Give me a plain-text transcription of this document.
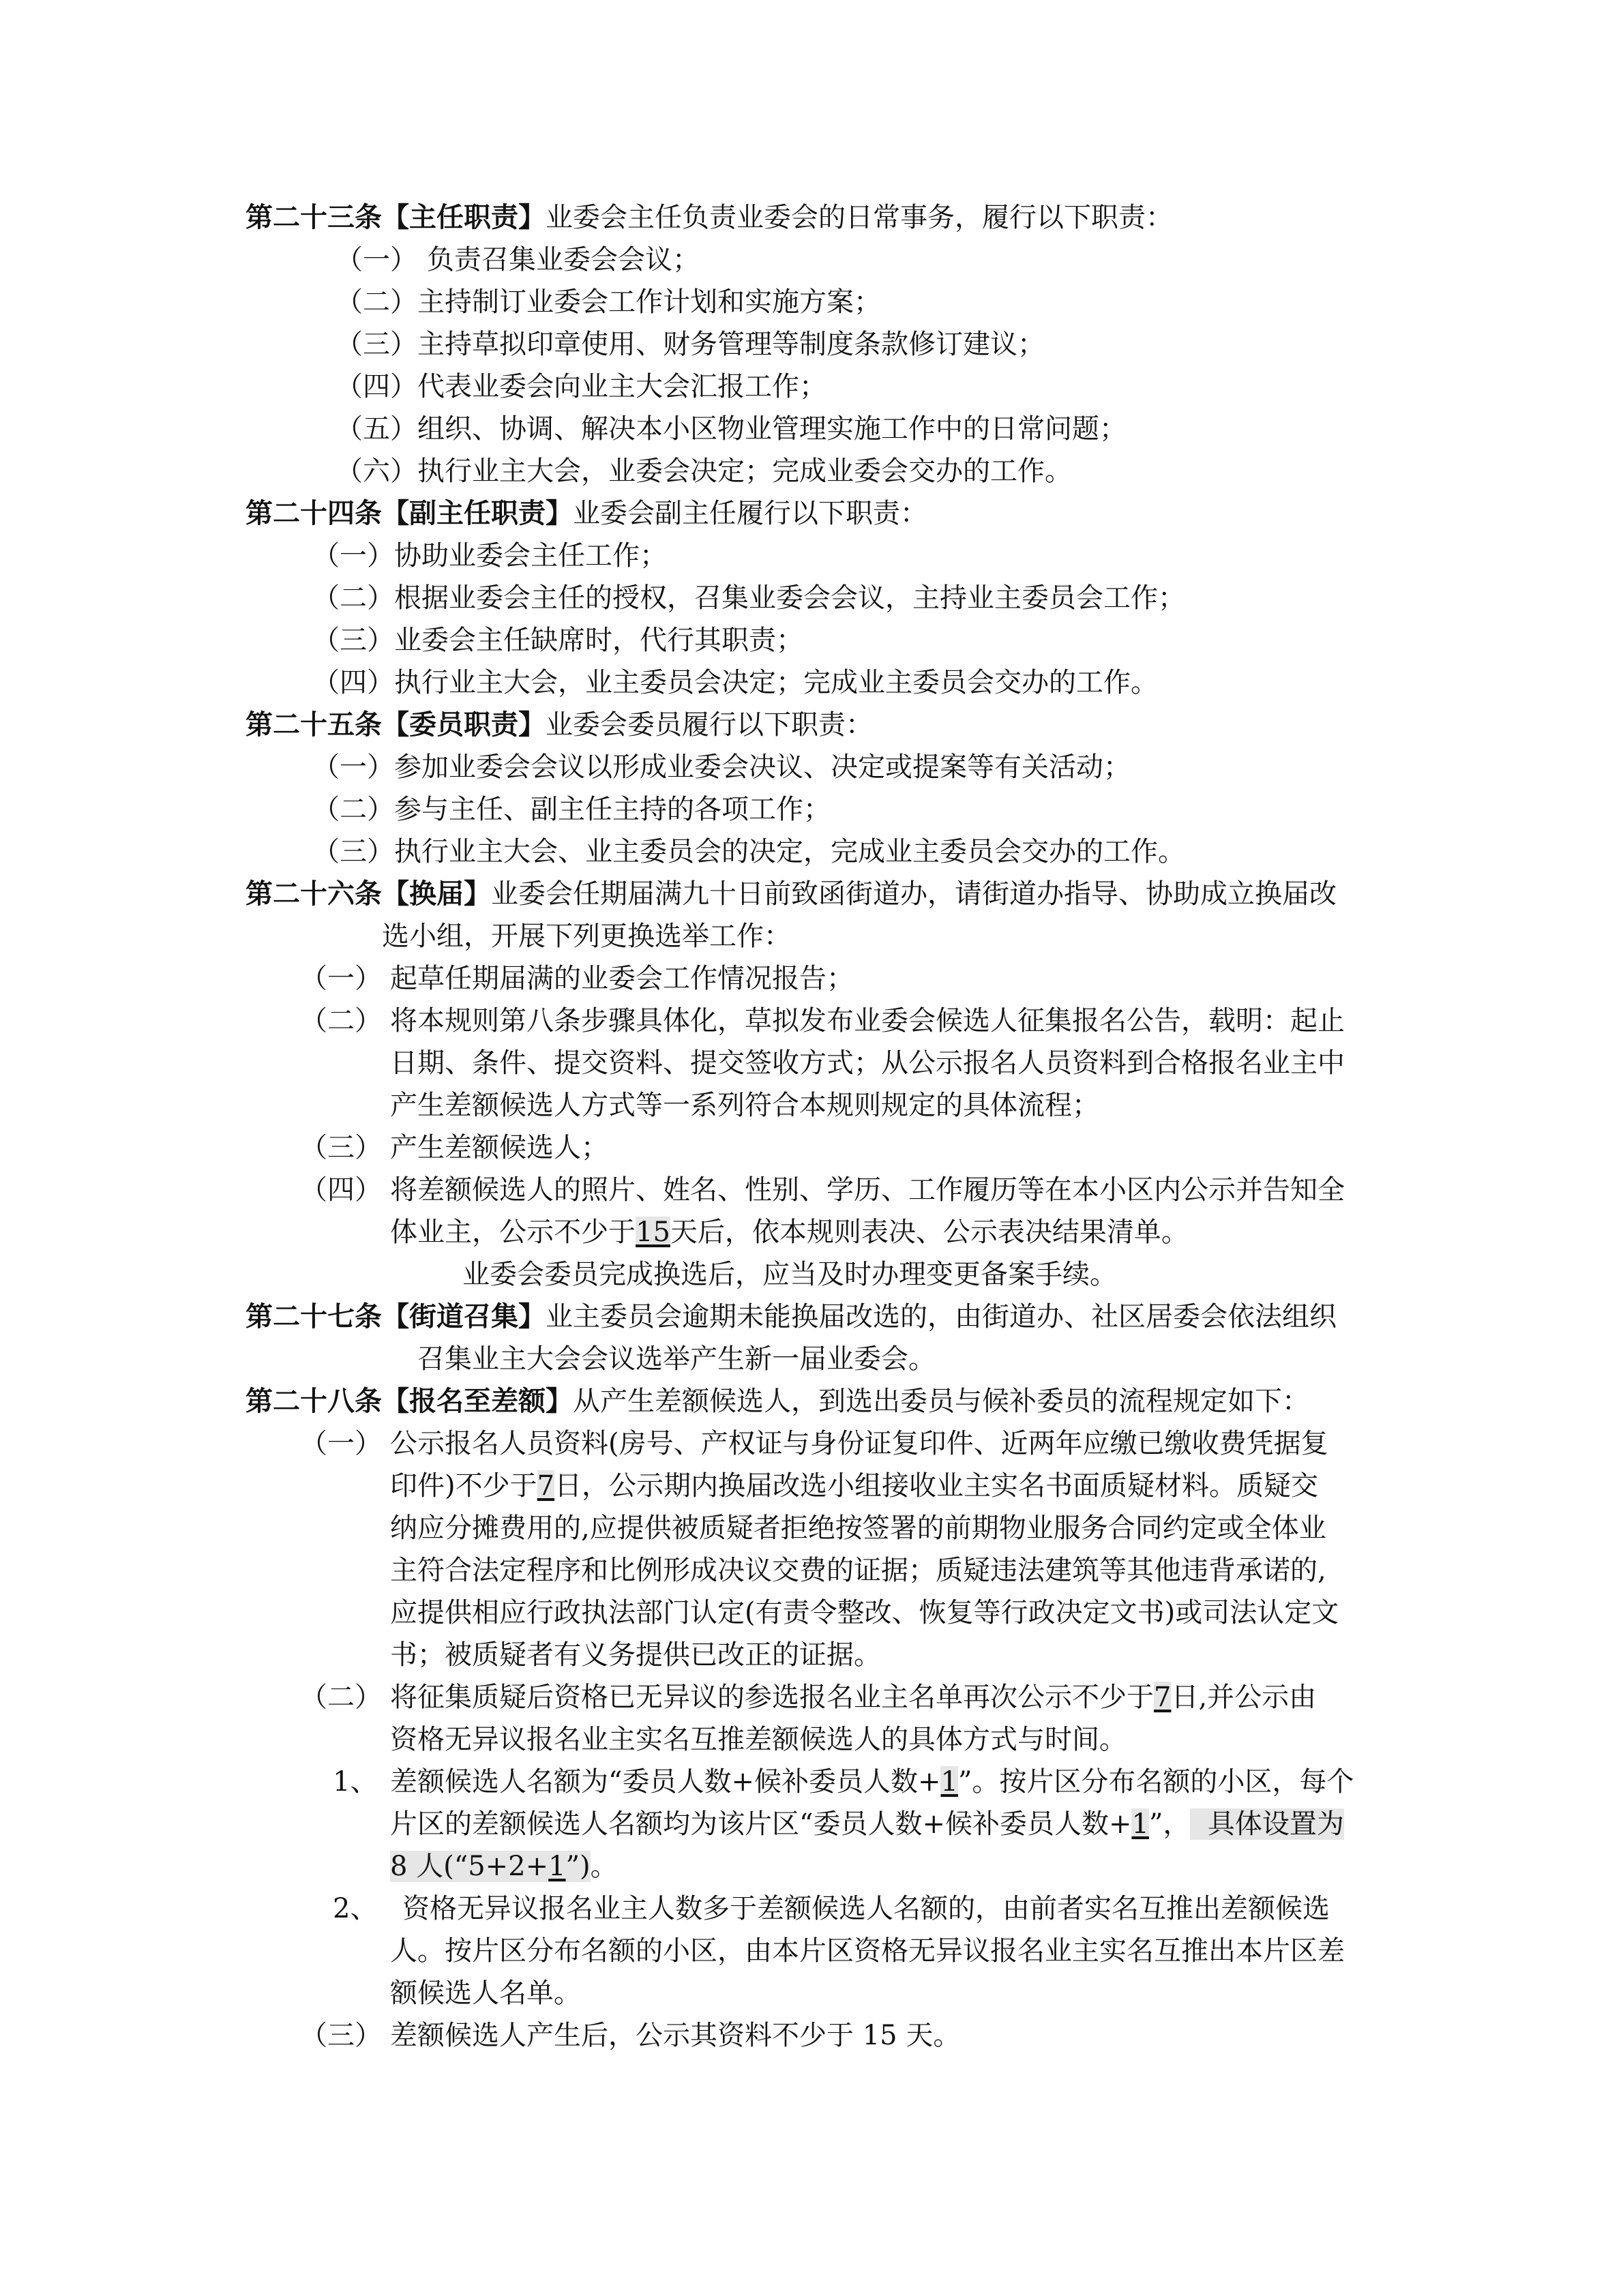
第二十三条【主任职责】业委会主任负责业委会的日常事务，履行以下职责：
（一） 负责召集业委会会议；
（二）主持制订业委会工作计划和实施方案；
（三）主持草拟印章使用、财务管理等制度条款修订建议；
（四）代表业委会向业主大会汇报工作；
（五）组织、协调、解决本小区物业管理实施工作中的日常问题；
（六）执行业主大会，业委会决定；完成业委会交办的工作。
第二十四条【副主任职责】业委会副主任履行以下职责：
（一）协助业委会主任工作；
（二）根据业委会主任的授权，召集业委会会议，主持业主委员会工作；
（三）业委会主任缺席时，代行其职责；
（四）执行业主大会，业主委员会决定；完成业主委员会交办的工作。
第二十五条【委员职责】业委会委员履行以下职责：
（一）参加业委会会议以形成业委会决议、决定或提案等有关活动；
（二）参与主任、副主任主持的各项工作；
（三）执行业主大会、业主委员会的决定，完成业主委员会交办的工作。
第二十六条【换届】业委会任期届满九十日前致函街道办，请街道办指导、协助成立换届改
选小组，开展下列更换选举工作：
（一） 起草任期届满的业委会工作情况报告；
（二） 将本规则第八条步骤具体化，草拟发布业委会候选人征集报名公告，载明：起止
日期、条件、提交资料、提交签收方式；从公示报名人员资料到合格报名业主中
产生差额候选人方式等一系列符合本规则规定的具体流程；
（三） 产生差额候选人；
（四） 将差额候选人的照片、姓名、性别、学历、工作履历等在本小区内公示并告知全
体业主，公示不少于15天后，依本规则表决、公示表决结果清单。
业委会委员完成换选后，应当及时办理变更备案手续。
第二十七条【街道召集】业主委员会逾期未能换届改选的，由街道办、社区居委会依法组织
召集业主大会会议选举产生新一届业委会。
第二十八条【报名至差额】从产生差额候选人，到选出委员与候补委员的流程规定如下：
（一） 公示报名人员资料(房号、产权证与身份证复印件、近两年应缴已缴收费凭据复
印件)不少于7日，公示期内换届改选小组接收业主实名书面质疑材料。质疑交
纳应分摊费用的,应提供被质疑者拒绝按签署的前期物业服务合同约定或全体业
主符合法定程序和比例形成决议交费的证据；质疑违法建筑等其他违背承诺的,
应提供相应行政执法部门认定(有责令整改、恢复等行政决定文书)或司法认定文
书；被质疑者有义务提供已改正的证据。
（二） 将征集质疑后资格已无异议的参选报名业主名单再次公示不少于7日,并公示由
资格无异议报名业主实名互推差额候选人的具体方式与时间。
1、 差额候选人名额为“委员人数+候补委员人数+1”。按片区分布名额的小区，每个
片区的差额候选人名额均为该片区“委员人数+候补委员人数+1”，  具体设置为
8 人(“5+2+1”)。
2、 资格无异议报名业主人数多于差额候选人名额的，由前者实名互推出差额候选
人。按片区分布名额的小区，由本片区资格无异议报名业主实名互推出本片区差
额候选人名单。
（三） 差额候选人产生后，公示其资料不少于 15 天。
